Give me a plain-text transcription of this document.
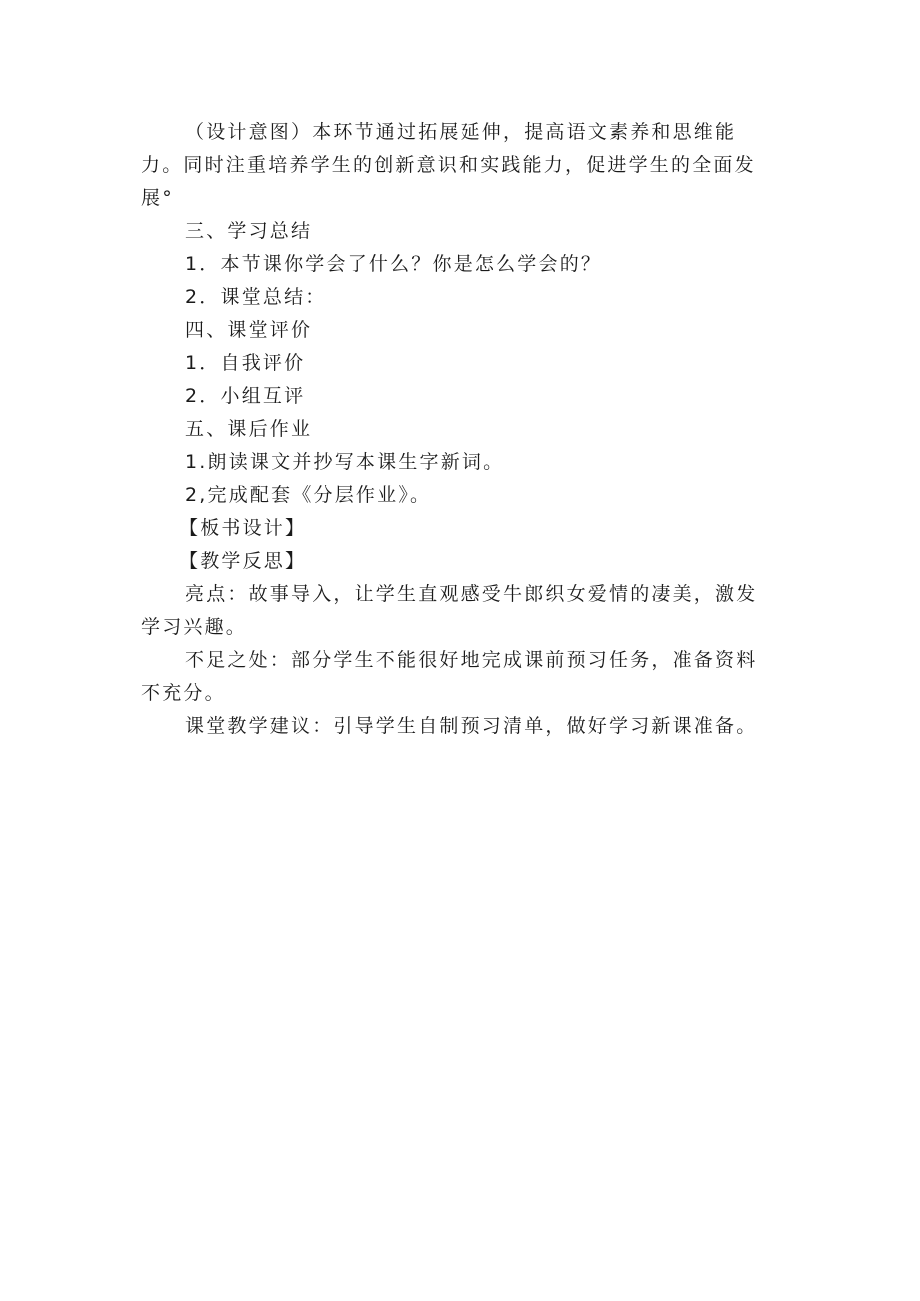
（设计意图）本环节通过拓展延伸，提高语文素养和思维能力。同时注重培养学生的创新意识和实践能力，促进学生的全面发展°

三、学习总结

1．本节课你学会了什么？你是怎么学会的？

2．课堂总结：

四、课堂评价

1．自我评价

2．小组互评

五、课后作业

1.朗读课文并抄写本课生字新词。

2,完成配套《分层作业》。

【板书设计】

【教学反思】

亮点：故事导入，让学生直观感受牛郎织女爱情的凄美，激发学习兴趣。

不足之处：部分学生不能很好地完成课前预习任务，准备资料不充分。

课堂教学建议：引导学生自制预习清单，做好学习新课准备。
